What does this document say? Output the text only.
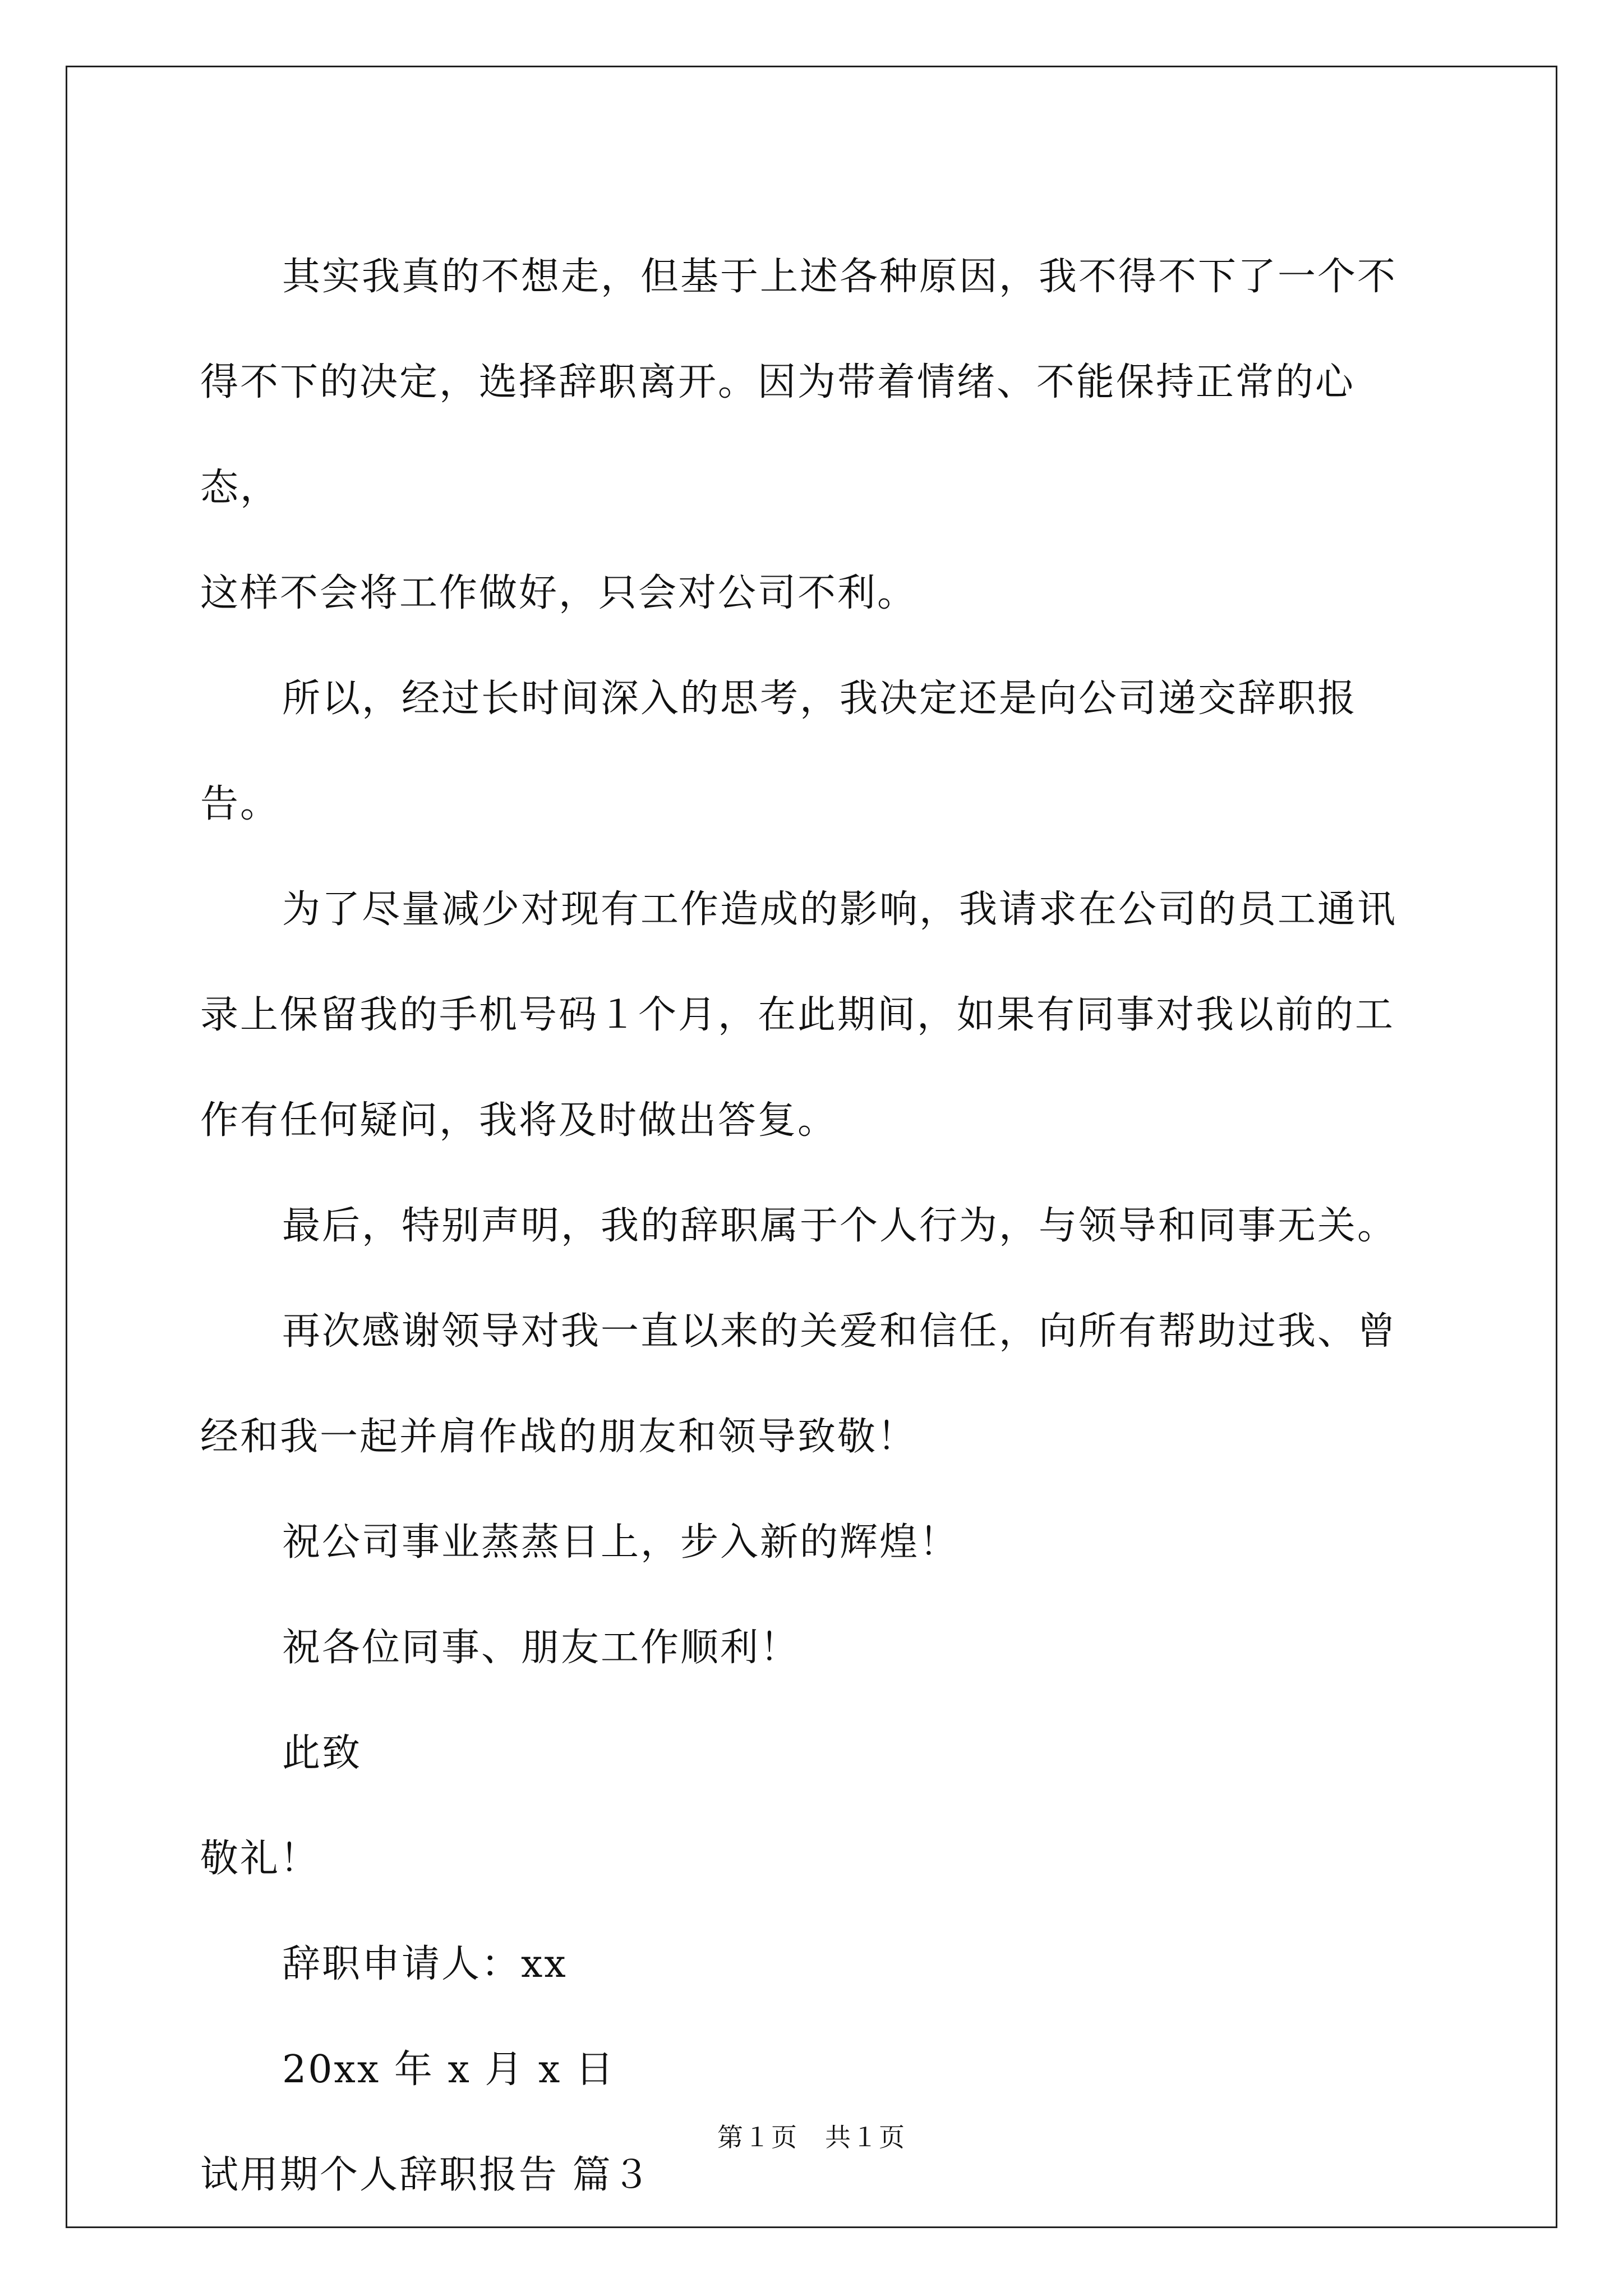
其实我真的不想走，但基于上述各种原因，我不得不下了一个不
得不下的决定，选择辞职离开。因为带着情绪、不能保持正常的心态，
这样不会将工作做好，只会对公司不利。

所以，经过长时间深入的思考，我决定还是向公司递交辞职报告。

为了尽量减少对现有工作造成的影响，我请求在公司的员工通讯
录上保留我的手机号码１个月，在此期间，如果有同事对我以前的工
作有任何疑问，我将及时做出答复。

最后，特别声明，我的辞职属于个人行为，与领导和同事无关。

再次感谢领导对我一直以来的关爱和信任，向所有帮助过我、曾
经和我一起并肩作战的朋友和领导致敬！

祝公司事业蒸蒸日上，步入新的辉煌！

祝各位同事、朋友工作顺利！

此致

敬礼！

辞职申请人：xx

20xx 年 x 月 x 日

试用期个人辞职报告 篇３

第１页　共１页
